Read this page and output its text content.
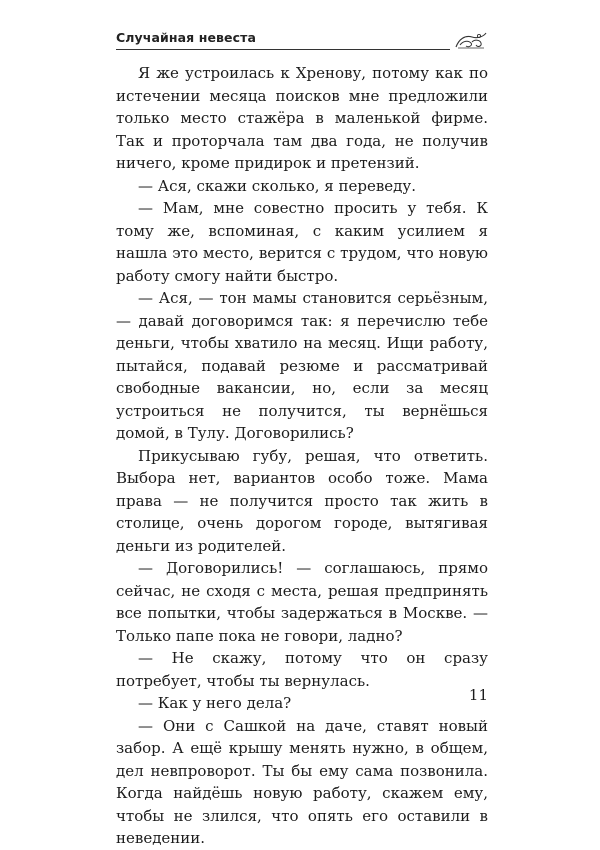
Случайная невеста

Я же устроилась к Хренову, потому как по истечении месяца поисков мне предложили только место стажёра в маленькой фирме. Так и проторчала там два года, не получив ничего, кроме придирок и претензий.

— Ася, скажи сколько, я переведу.

— Мам, мне совестно просить у тебя. К тому же, вспоминая, с каким усилием я нашла это место, верится с трудом, что новую работу смогу найти быстро.

— Ася, — тон мамы становится серьёзным, — давай договоримся так: я перечислю тебе деньги, чтобы хватило на месяц. Ищи работу, пытайся, подавай резюме и рассматривай свободные вакансии, но, если за месяц устроиться не получится, ты вернёшься домой, в Тулу. Договорились?

Прикусываю губу, решая, что ответить. Выбора нет, вариантов особо тоже. Мама права — не получится просто так жить в столице, очень дорогом городе, вытягивая деньги из родителей.

— Договорились! — соглашаюсь, прямо сейчас, не сходя с места, решая предпринять все попытки, чтобы задержаться в Москве. — Только папе пока не говори, ладно?

— Не скажу, потому что он сразу потребует, чтобы ты вернулась.

— Как у него дела?

— Они с Сашкой на даче, ставят новый забор. А ещё крышу менять нужно, в общем, дел невпроворот. Ты бы ему сама позвонила. Когда найдёшь новую работу, скажем ему, чтобы не злился, что опять его оставили в неведении.

11
